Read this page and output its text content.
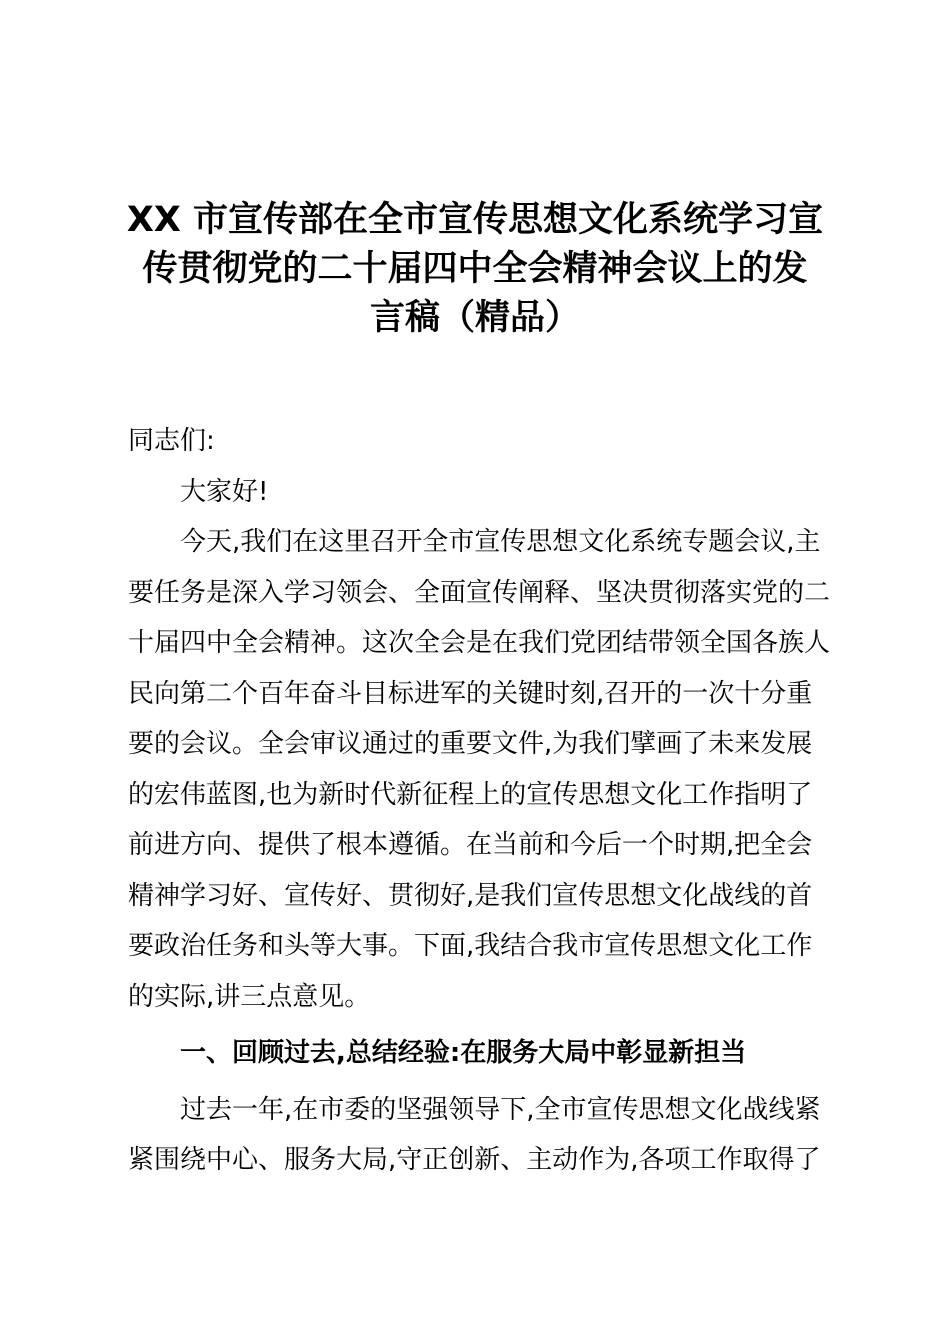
XX 市宣传部在全市宣传思想文化系统学习宣
传贯彻党的二十届四中全会精神会议上的发
言稿（精品）
同志们:
大家好!
今天,我们在这里召开全市宣传思想文化系统专题会议,主
要任务是深入学习领会、全面宣传阐释、坚决贯彻落实党的二
十届四中全会精神。这次全会是在我们党团结带领全国各族人
民向第二个百年奋斗目标进军的关键时刻,召开的一次十分重
要的会议。全会审议通过的重要文件,为我们擘画了未来发展
的宏伟蓝图,也为新时代新征程上的宣传思想文化工作指明了
前进方向、提供了根本遵循。在当前和今后一个时期,把全会
精神学习好、宣传好、贯彻好,是我们宣传思想文化战线的首
要政治任务和头等大事。下面,我结合我市宣传思想文化工作
的实际,讲三点意见。
一、回顾过去,总结经验:在服务大局中彰显新担当
过去一年,在市委的坚强领导下,全市宣传思想文化战线紧
紧围绕中心、服务大局,守正创新、主动作为,各项工作取得了
